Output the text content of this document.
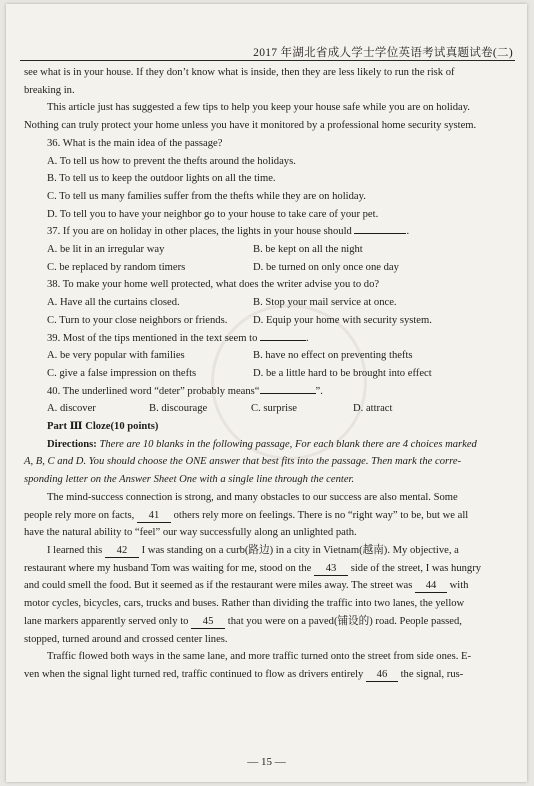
2017 年湖北省成人学士学位英语考试真题试卷(二)

see what is in your house. If they don’t know what is inside, then they are less likely to run the risk of

breaking in.

This article just has suggested a few tips to help you keep your house safe while you are on holiday.

Nothing can truly protect your home unless you have it monitored by a professional home security system.

36. What is the main idea of the passage?

A. To tell us how to prevent the thefts around the holidays.

B. To tell us to keep the outdoor lights on all the time.

C. To tell us many families suffer from the thefts while they are on holiday.

D. To tell you to have your neighbor go to your house to take care of your pet.

37. If you are on holiday in other places, the lights in your house should	.

A. be lit in an irregular way	B. be kept on all the night
C. be replaced by random timers	D. be turned on only once one day

38. To make your home well protected, what does the writer advise you to do?

A. Have all the curtains closed.	B. Stop your mail service at once.
C. Turn to your close neighbors or friends.	D. Equip your home with security system.

39. Most of the tips mentioned in the text seem to	.

A. be very popular with families	B. have no effect on preventing thefts
C. give a false impression on thefts	D. be a little hard to be brought into effect

40. The underlined word “deter” probably means“	”.

A. discover	B. discourage	C. surprise	D. attract

Part Ⅲ Cloze(10 points)

Directions: There are 10 blanks in the following passage, For each blank there are 4 choices marked

A, B, C and D. You should choose the ONE answer that best fits into the passage. Then mark the corre-

sponding letter on the Answer Sheet One with a single line through the center.

The mind-success connection is strong, and many obstacles to our success are also mental. Some

people rely more on facts, 41 others rely more on feelings. There is no “right way” to be, but we all

have the natural ability to “feel” our way successfully along an unlighted path.

I learned this 42 I was standing on a curb(路边) in a city in Vietnam(越南). My objective, a

restaurant where my husband Tom was waiting for me, stood on the 43 side of the street, I was hungry

and could smell the food. But it seemed as if the restaurant were miles away. The street was 44 with

motor cycles, bicycles, cars, trucks and buses. Rather than dividing the traffic into two lanes, the yellow

lane markers apparently served only to 45 that you were on a paved(铺设的) road. People passed,

stopped, turned around and crossed center lines.

Traffic flowed both ways in the same lane, and more traffic turned onto the street from side ones. E-

ven when the signal light turned red, traffic continued to flow as drivers entirely 46 the signal, rus-

— 15 —
